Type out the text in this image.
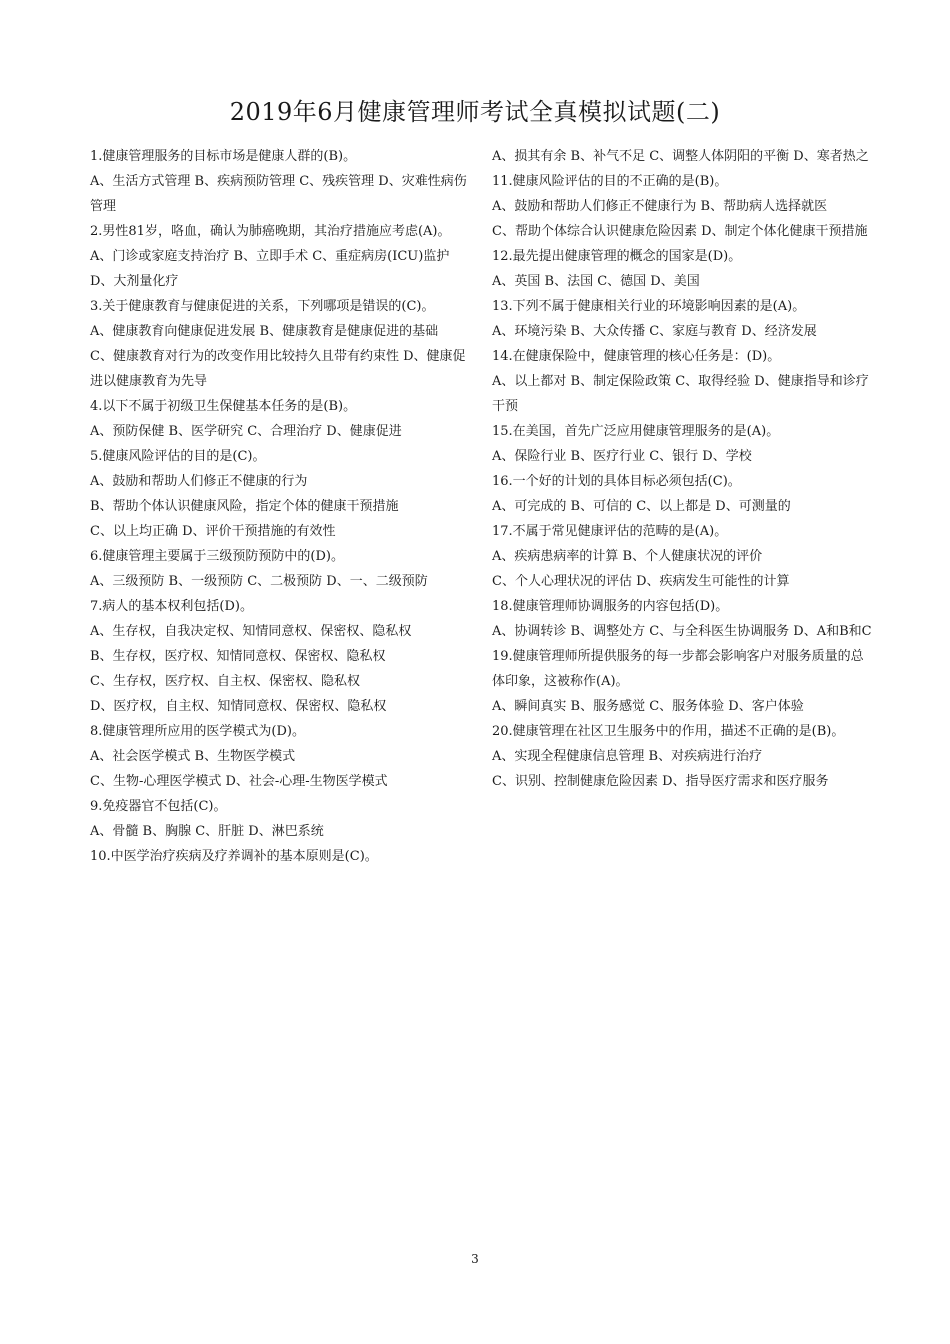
2019年6月健康管理师考试全真模拟试题(二)

1.健康管理服务的目标市场是健康人群的(B)。

A、生活方式管理 B、疾病预防管理 C、残疾管理 D、灾难性病伤管理

2.男性81岁，咯血，确认为肺癌晚期，其治疗措施应考虑(A)。

A、门诊或家庭支持治疗 B、立即手术 C、重症病房(ICU)监护 D、大剂量化疗

3.关于健康教育与健康促进的关系，下列哪项是错误的(C)。

A、健康教育向健康促进发展 B、健康教育是健康促进的基础

C、健康教育对行为的改变作用比较持久且带有约束性 D、健康促进以健康教育为先导

4.以下不属于初级卫生保健基本任务的是(B)。

A、预防保健 B、医学研究 C、合理治疗 D、健康促进

5.健康风险评估的目的是(C)。

A、鼓励和帮助人们修正不健康的行为

B、帮助个体认识健康风险，指定个体的健康干预措施

C、以上均正确 D、评价干预措施的有效性

6.健康管理主要属于三级预防预防中的(D)。

A、三级预防 B、一级预防 C、二极预防 D、一、二级预防

7.病人的基本权利包括(D)。

A、生存权，自我决定权、知情同意权、保密权、隐私权

B、生存权，医疗权、知情同意权、保密权、隐私权

C、生存权，医疗权、自主权、保密权、隐私权

D、医疗权，自主权、知情同意权、保密权、隐私权

8.健康管理所应用的医学模式为(D)。

A、社会医学模式 B、生物医学模式

C、生物-心理医学模式 D、社会-心理-生物医学模式

9.免疫器官不包括(C)。

A、骨髓 B、胸腺 C、肝脏 D、淋巴系统

10.中医学治疗疾病及疗养调补的基本原则是(C)。

A、损其有余 B、补气不足 C、调整人体阴阳的平衡 D、寒者热之

11.健康风险评估的目的不正确的是(B)。

A、鼓励和帮助人们修正不健康行为 B、帮助病人选择就医

C、帮助个体综合认识健康危险因素 D、制定个体化健康干预措施

12.最先提出健康管理的概念的国家是(D)。

A、英国 B、法国 C、德国 D、美国

13.下列不属于健康相关行业的环境影响因素的是(A)。

A、环境污染 B、大众传播 C、家庭与教育 D、经济发展

14.在健康保险中，健康管理的核心任务是：(D)。

A、以上都对 B、制定保险政策 C、取得经验 D、健康指导和诊疗干预

15.在美国，首先广泛应用健康管理服务的是(A)。

A、保险行业 B、医疗行业 C、银行 D、学校

16.一个好的计划的具体目标必须包括(C)。

A、可完成的 B、可信的 C、以上都是 D、可测量的

17.不属于常见健康评估的范畴的是(A)。

A、疾病患病率的计算 B、个人健康状况的评价

C、个人心理状况的评估 D、疾病发生可能性的计算

18.健康管理师协调服务的内容包括(D)。

A、协调转诊 B、调整处方 C、与全科医生协调服务 D、A和B和C

19.健康管理师所提供服务的每一步都会影响客户对服务质量的总体印象，这被称作(A)。

A、瞬间真实 B、服务感觉 C、服务体验 D、客户体验

20.健康管理在社区卫生服务中的作用，描述不正确的是(B)。

A、实现全程健康信息管理 B、对疾病进行治疗

C、识别、控制健康危险因素 D、指导医疗需求和医疗服务

3
